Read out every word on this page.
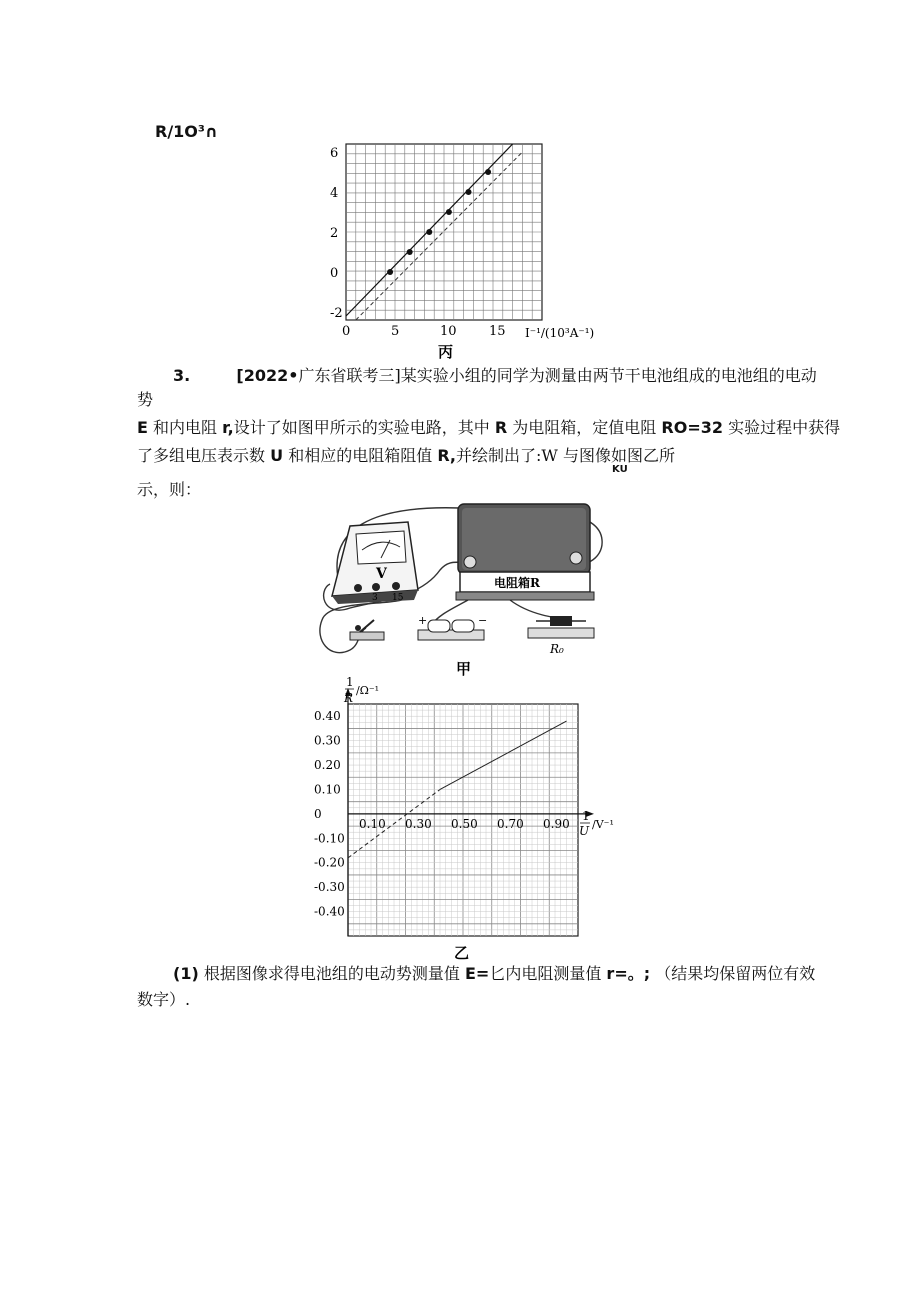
R/1O³∩
0	5	10 15
6
4
2
0
-2
I⁻¹/(10³A⁻¹)
丙
3.	[2022•广东省联考三]某实验小组的同学为测量由两节干电池组成的电池组的电动
势
E 和内电阻 r,设计了如图甲所示的实验电路，其中 R 为电阻箱，定值电阻 RO=32 实验过程中获得
了多组电压表示数 U 和相应的电阻箱阻值 R,并绘制出了:W 与图像如图乙所
KU
示，则：
V
3 15
电阻箱R
+	−
R₀
甲
0.10 0.30 0.50 0.70 0.90
0.40
0.30
0.20
0.10
0
-0.10
-0.20
-0.30
-0.40
1
R
/Ω⁻¹
1
U /V⁻¹
乙
(1) 根据图像求得电池组的电动势测量值 E=匕内电阻测量值 r=。; （结果均保留两位有效
数字）.
